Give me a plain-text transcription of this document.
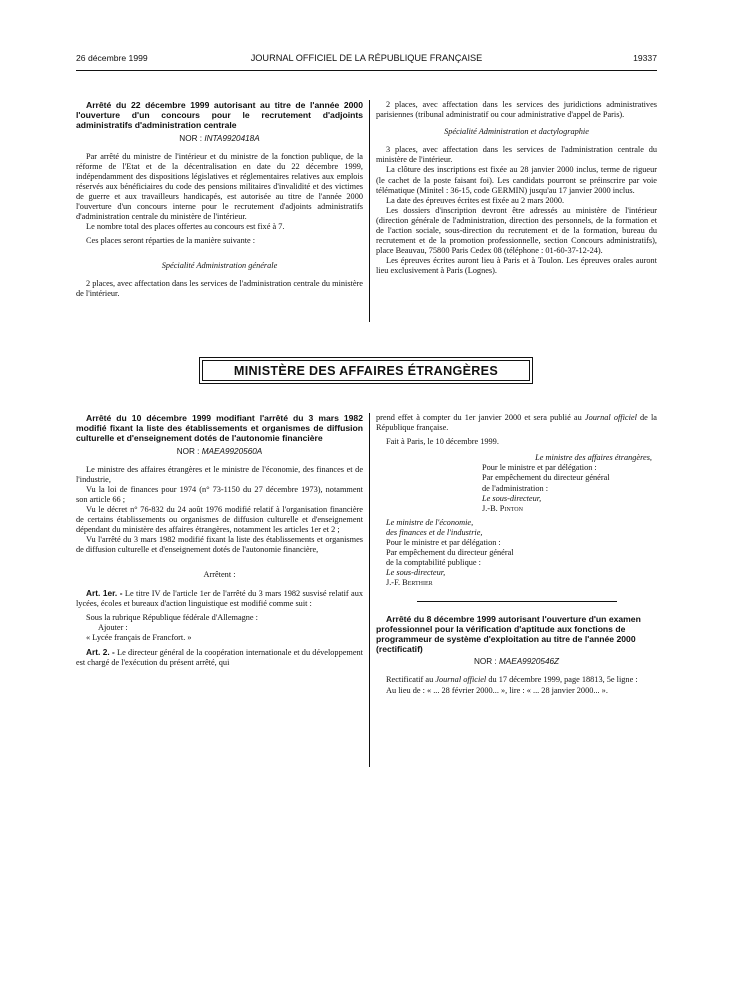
26 décembre 1999	JOURNAL OFFICIEL DE LA RÉPUBLIQUE FRANÇAISE	19337

Arrêté du 22 décembre 1999 autorisant au titre de l'année 2000 l'ouverture d'un concours pour le recrutement d'adjoints administratifs d'administration centrale

NOR : INTA9920418A

Par arrêté du ministre de l'intérieur et du ministre de la fonction publique, de la réforme de l'Etat et de la décentralisation en date du 22 décembre 1999, indépendamment des dispositions législatives et réglementaires relatives aux emplois réservés aux bénéficiaires du code des pensions militaires d'invalidité et des victimes de guerre et aux travailleurs handicapés, est autorisée au titre de l'année 2000 l'ouverture d'un concours interne pour le recrutement d'adjoints administratifs d'administration centrale du ministère de l'intérieur.

Le nombre total des places offertes au concours est fixé à 7.

Ces places seront réparties de la manière suivante :

Spécialité Administration générale

2 places, avec affectation dans les services de l'administration centrale du ministère de l'intérieur.

2 places, avec affectation dans les services des juridictions administratives parisiennes (tribunal administratif ou cour administrative d'appel de Paris).

Spécialité Administration et dactylographie

3 places, avec affectation dans les services de l'administration centrale du ministère de l'intérieur.

La clôture des inscriptions est fixée au 28 janvier 2000 inclus, terme de rigueur (le cachet de la poste faisant foi). Les candidats pourront se préinscrire par voie télématique (Minitel : 36-15, code GERMIN) jusqu'au 17 janvier 2000 inclus.

La date des épreuves écrites est fixée au 2 mars 2000.

Les dossiers d'inscription devront être adressés au ministère de l'intérieur (direction générale de l'administration, direction des personnels, de la formation et de l'action sociale, sous-direction du recrutement et de la formation, bureau du recrutement et de la promotion professionnelle, section Concours administratifs), place Beauvau, 75800 Paris Cedex 08 (téléphone : 01-60-37-12-24).

Les épreuves écrites auront lieu à Paris et à Toulon. Les épreuves orales auront lieu exclusivement à Paris (Lognes).

MINISTÈRE DES AFFAIRES ÉTRANGÈRES

Arrêté du 10 décembre 1999 modifiant l'arrêté du 3 mars 1982 modifié fixant la liste des établissements et organismes de diffusion culturelle et d'enseignement dotés de l'autonomie financière

NOR : MAEA9920560A

Le ministre des affaires étrangères et le ministre de l'économie, des finances et de l'industrie,

Vu la loi de finances pour 1974 (n° 73-1150 du 27 décembre 1973), notamment son article 66 ;

Vu le décret n° 76-832 du 24 août 1976 modifié relatif à l'organisation financière de certains établissements ou organismes de diffusion culturelle et d'enseignement dépendant du ministère des affaires étrangères, notamment les articles 1er et 2 ;

Vu l'arrêté du 3 mars 1982 modifié fixant la liste des établissements et organismes de diffusion culturelle et d'enseignement dotés de l'autonomie financière,

Arrêtent :

Art. 1er. - Le titre IV de l'article 1er de l'arrêté du 3 mars 1982 susvisé relatif aux lycées, écoles et bureaux d'action linguistique est modifié comme suit :

Sous la rubrique République fédérale d'Allemagne :

Ajouter :

« Lycée français de Francfort. »

Art. 2. - Le directeur général de la coopération internationale et du développement est chargé de l'exécution du présent arrêté, qui

prend effet à compter du 1er janvier 2000 et sera publié au Journal officiel de la République française.

Fait à Paris, le 10 décembre 1999.

Le ministre des affaires étrangères,

Pour le ministre et par délégation :

Par empêchement du directeur général

de l'administration :

Le sous-directeur,

J.-B. Pinton

Le ministre de l'économie,

des finances et de l'industrie,

Pour le ministre et par délégation :

Par empêchement du directeur général

de la comptabilité publique :

Le sous-directeur,

J.-F. Berthier

Arrêté du 8 décembre 1999 autorisant l'ouverture d'un examen professionnel pour la vérification d'aptitude aux fonctions de programmeur de système d'exploitation au titre de l'année 2000 (rectificatif)

NOR : MAEA9920546Z

Rectificatif au Journal officiel du 17 décembre 1999, page 18813, 5e ligne :

Au lieu de : « ... 28 février 2000... », lire : « ... 28 janvier 2000... ».
